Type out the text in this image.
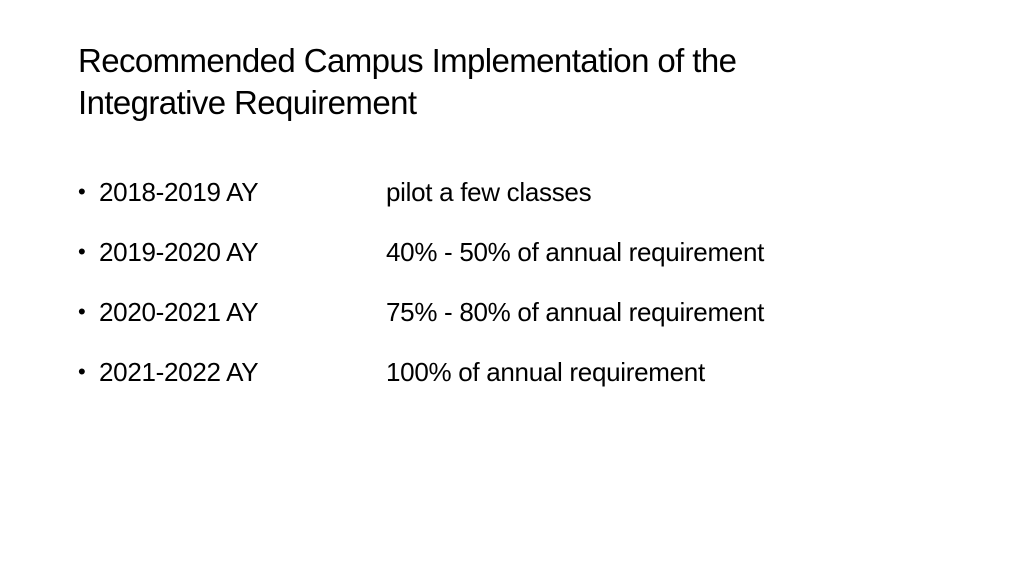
Recommended Campus Implementation of the
Integrative Requirement
• 2018-2019 AY	pilot a few classes
• 2019-2020 AY	40% - 50% of annual requirement
• 2020-2021 AY	75% - 80% of annual requirement
• 2021-2022 AY	100% of annual requirement
